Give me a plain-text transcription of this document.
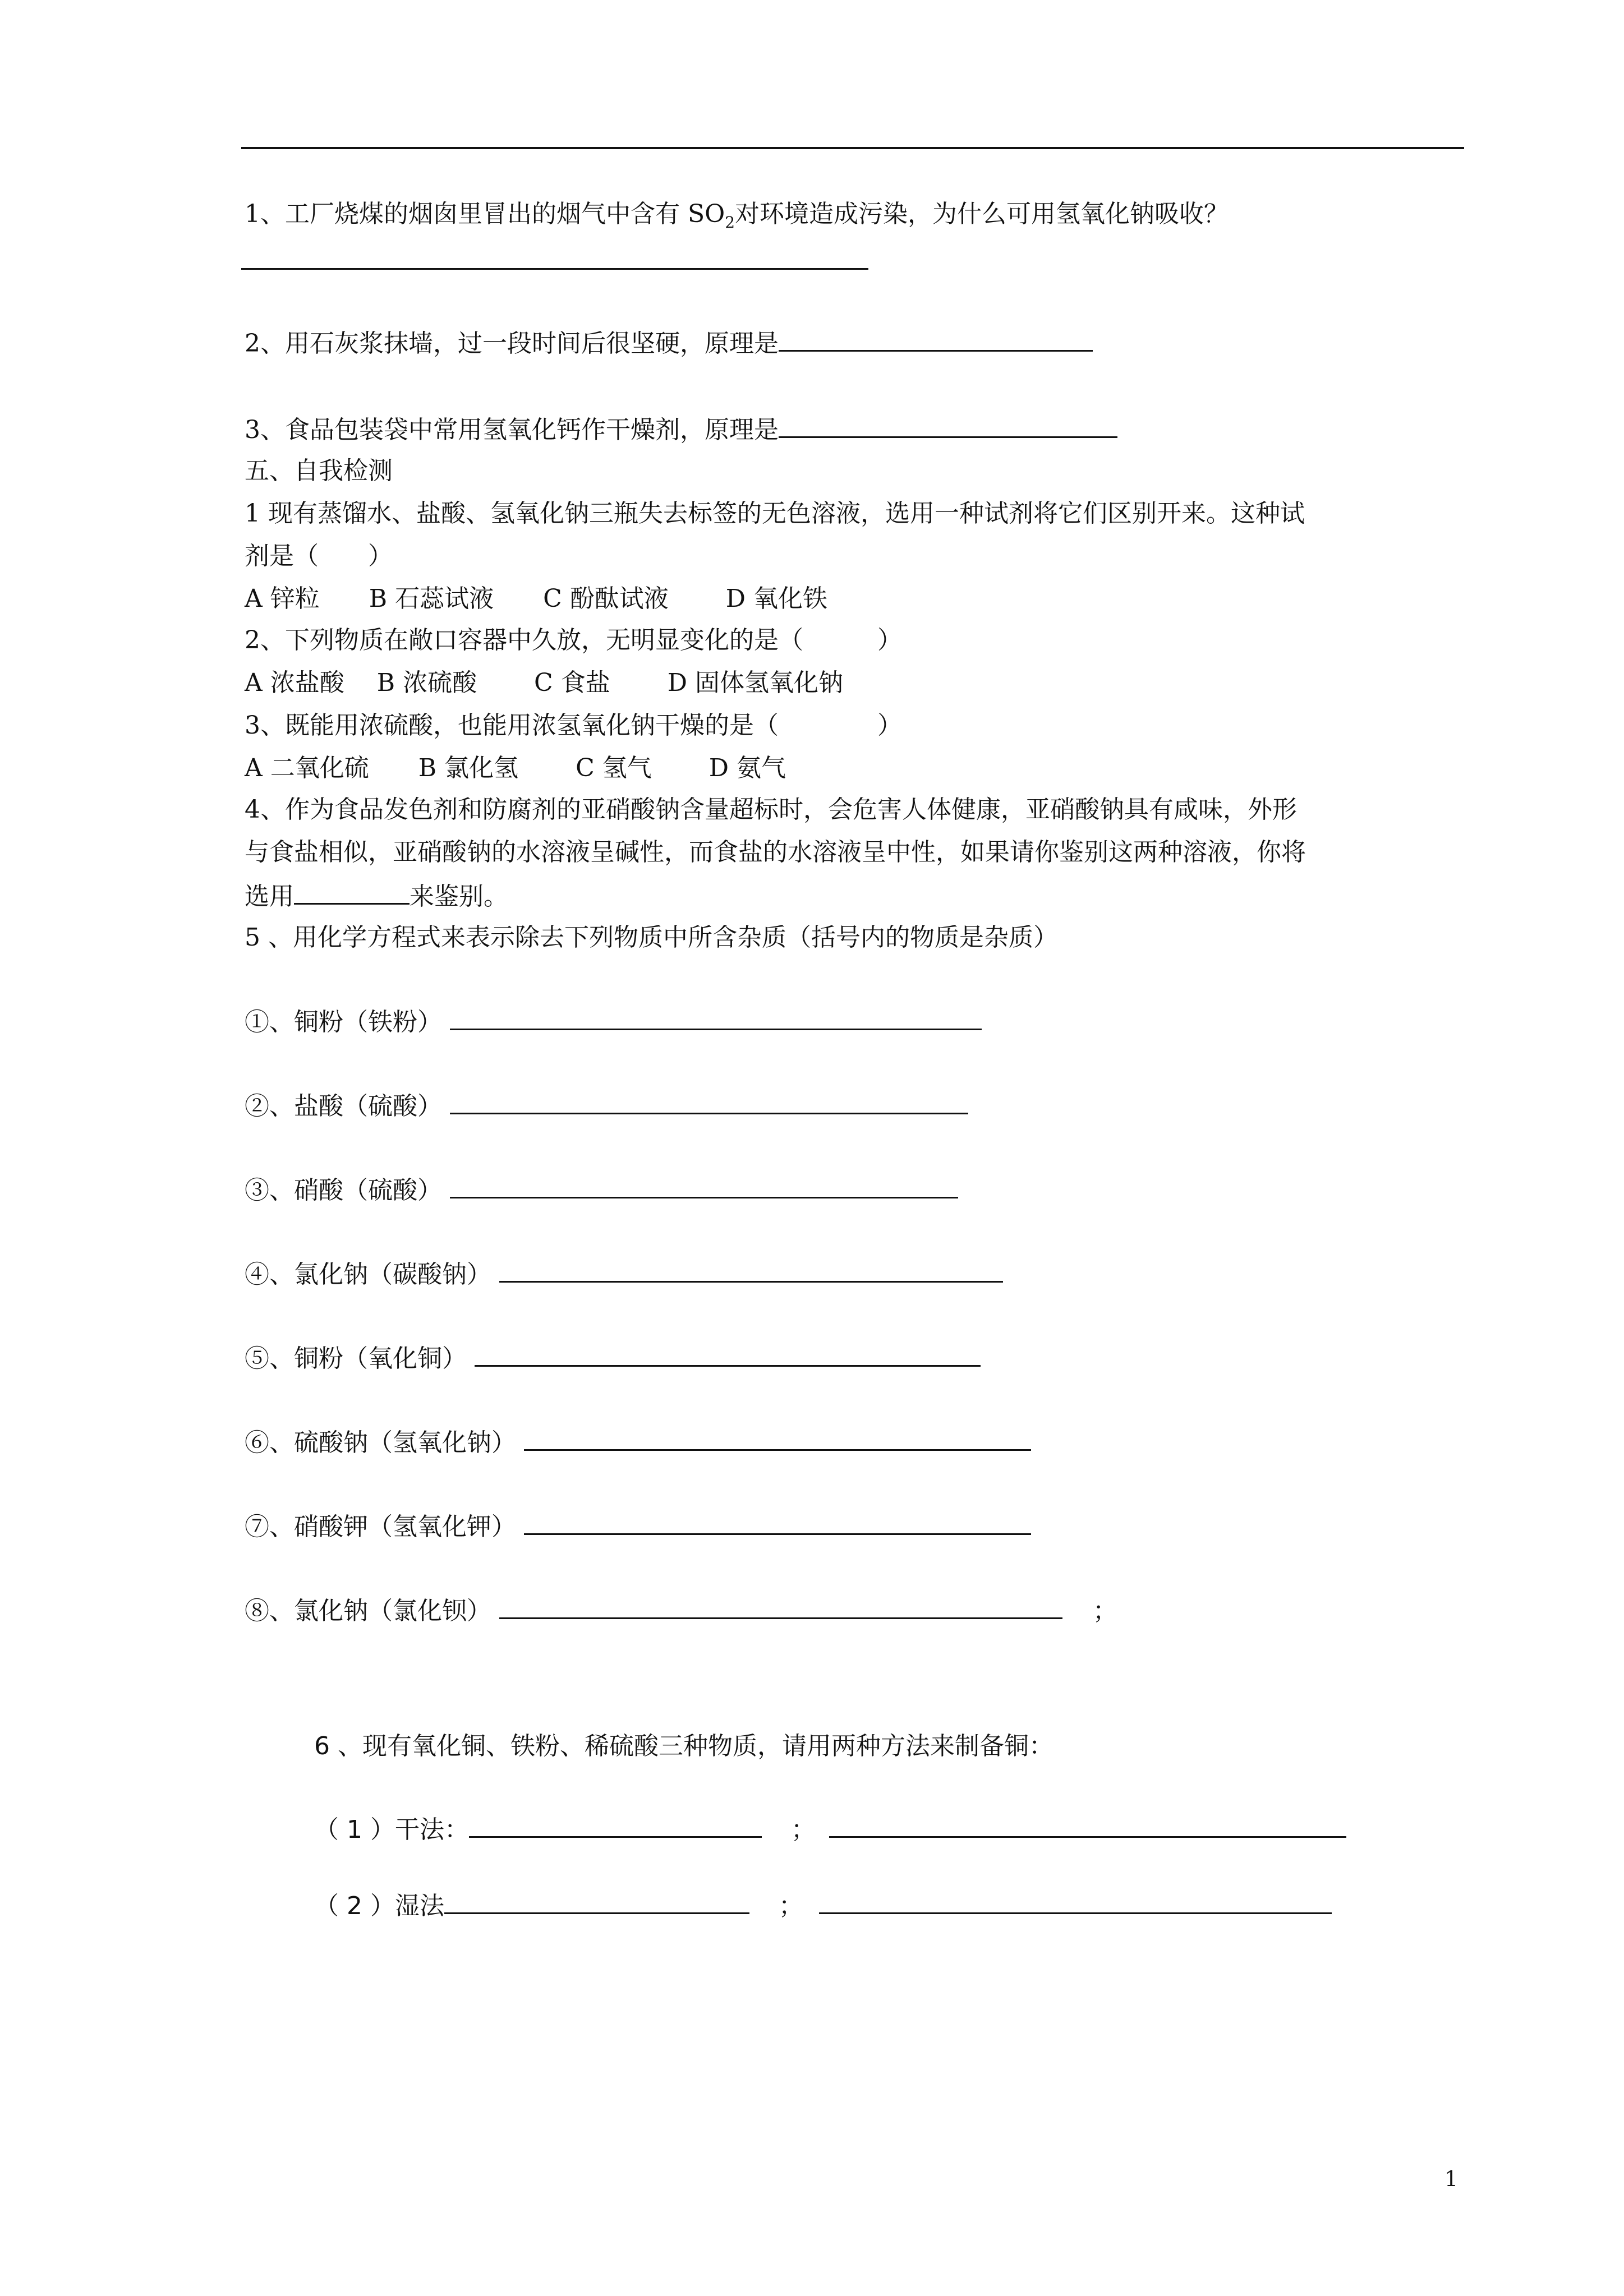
1、工厂烧煤的烟囱里冒出的烟气中含有 $SO_2$对环境造成污染，为什么可用氢氧化钠吸收？
2、用石灰浆抹墙，过一段时间后很坚硬，原理是
3、食品包装袋中常用氢氧化钙作干燥剂，原理是
五、自我检测
1 现有蒸馏水、盐酸、氢氧化钠三瓶失去标签的无色溶液，选用一种试剂将它们区别开来。这种试
剂是（　　）
A 锌粒　　B 石蕊试液　　C 酚酞试液　　 D 氧化铁
2、下列物质在敞口容器中久放，无明显变化的是（　　　）
A 浓盐酸　 B 浓硫酸　　 C 食盐　　 D 固体氢氧化钠
3、既能用浓硫酸，也能用浓氢氧化钠干燥的是（　　　　）
A 二氧化硫　　B 氯化氢　　 C 氢气　　 D 氨气
4、作为食品发色剂和防腐剂的亚硝酸钠含量超标时，会危害人体健康，亚硝酸钠具有咸味，外形
与食盐相似，亚硝酸钠的水溶液呈碱性，而食盐的水溶液呈中性，如果请你鉴别这两种溶液，你将
选用	来鉴别。
5 、用化学方程式来表示除去下列物质中所含杂质（括号内的物质是杂质）
①、铜粉（铁粉）
②、盐酸（硫酸）
③、硝酸（硫酸）
④、氯化钠（碳酸钠）
⑤、铜粉（氧化铜）
⑥、硫酸钠（氢氧化钠）
⑦、硝酸钾（氢氧化钾）
⑧、氯化钠（氯化钡）	；
6 、现有氧化铜、铁粉、稀硫酸三种物质，请用两种方法来制备铜：
（ 1 ）干法：	；
（ 2 ）湿法	；
1
